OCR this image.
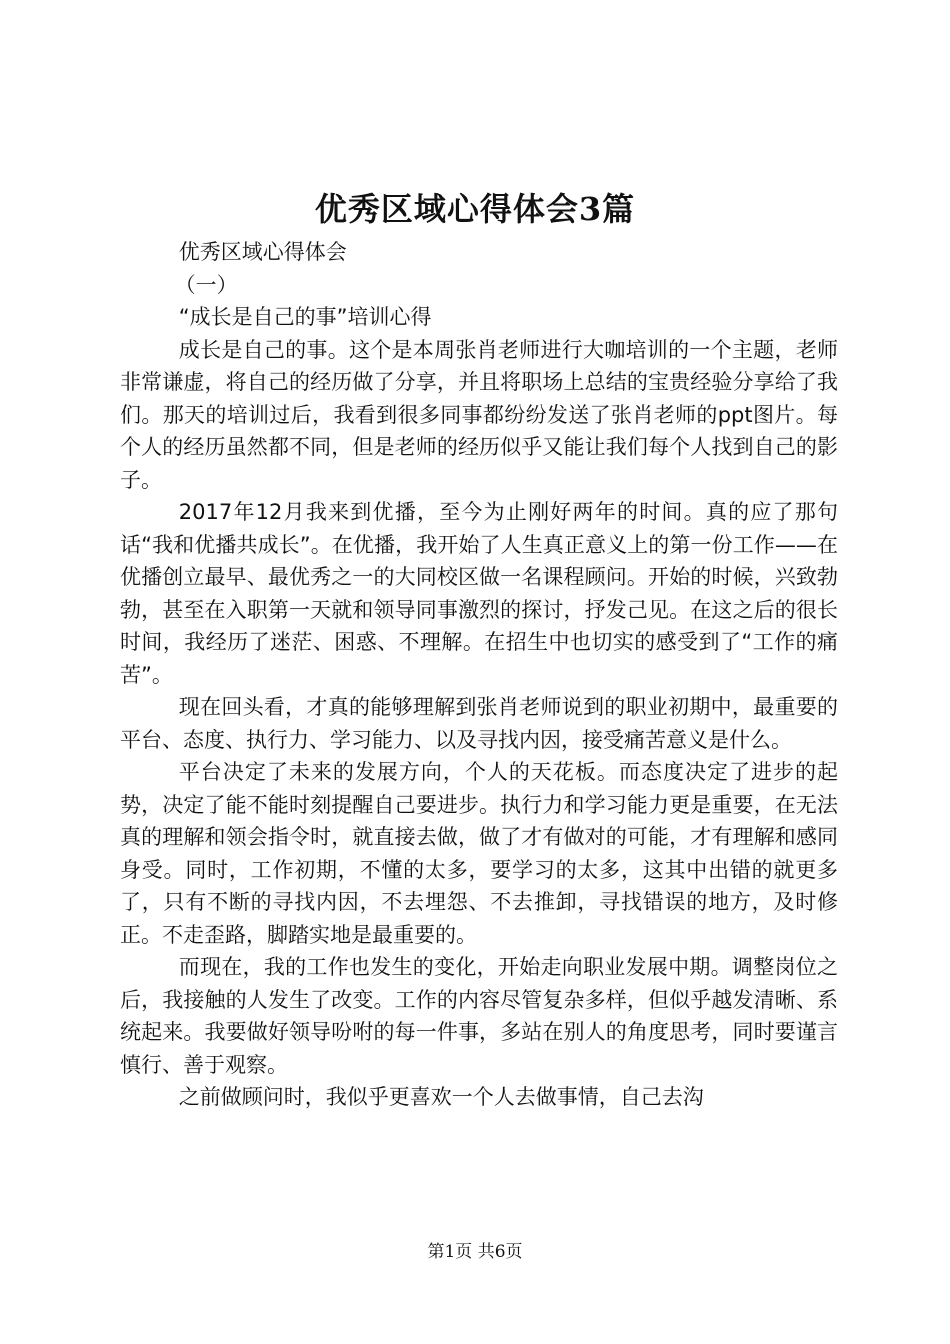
优秀区域心得体会3篇

优秀区域心得体会

（一）

“成长是自己的事”培训心得

成长是自己的事。这个是本周张肖老师进行大咖培训的一个主题，老师非常谦虚，将自己的经历做了分享，并且将职场上总结的宝贵经验分享给了我们。那天的培训过后，我看到很多同事都纷纷发送了张肖老师的ppt图片。每个人的经历虽然都不同，但是老师的经历似乎又能让我们每个人找到自己的影子。

2017年12月我来到优播，至今为止刚好两年的时间。真的应了那句话“我和优播共成长”。在优播，我开始了人生真正意义上的第一份工作——在优播创立最早、最优秀之一的大同校区做一名课程顾问。开始的时候，兴致勃勃，甚至在入职第一天就和领导同事激烈的探讨，抒发己见。在这之后的很长时间，我经历了迷茫、困惑、不理解。在招生中也切实的感受到了“工作的痛苦”。

现在回头看，才真的能够理解到张肖老师说到的职业初期中，最重要的平台、态度、执行力、学习能力、以及寻找内因，接受痛苦意义是什么。

平台决定了未来的发展方向，个人的天花板。而态度决定了进步的起势，决定了能不能时刻提醒自己要进步。执行力和学习能力更是重要，在无法真的理解和领会指令时，就直接去做，做了才有做对的可能，才有理解和感同身受。同时，工作初期，不懂的太多，要学习的太多，这其中出错的就更多了，只有不断的寻找内因，不去埋怨、不去推卸，寻找错误的地方，及时修正。不走歪路，脚踏实地是最重要的。

而现在，我的工作也发生的变化，开始走向职业发展中期。调整岗位之后，我接触的人发生了改变。工作的内容尽管复杂多样，但似乎越发清晰、系统起来。我要做好领导吩咐的每一件事，多站在别人的角度思考，同时要谨言慎行、善于观察。

之前做顾问时，我似乎更喜欢一个人去做事情，自己去沟

第1页 共6页
